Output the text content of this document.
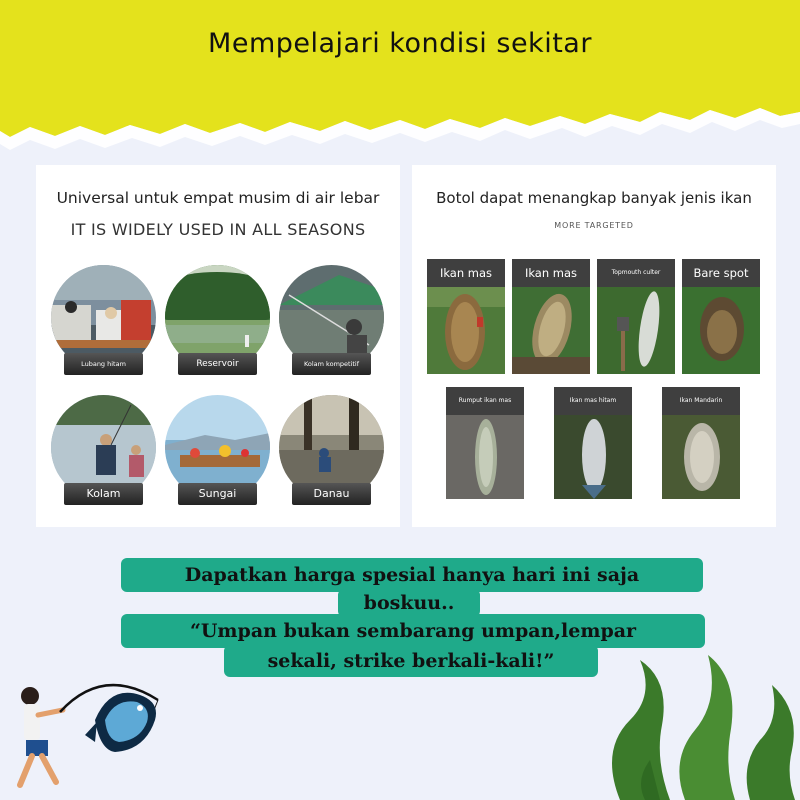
Mempelajari kondisi sekitar
Universal untuk empat musim di air lebar
IT IS WIDELY USED IN ALL SEASONS
Lubang hitam	Reservoir	Kolam kompetitif
Kolam	Sungai	Danau
Botol dapat menangkap banyak jenis ikan
MORE TARGETED
Ikan mas	Ikan mas	Topmouth culter	Bare spot
Rumput ikan mas	Ikan mas hitam	Ikan Mandarin
Dapatkan harga spesial hanya hari ini saja
boskuu..
“Umpan bukan sembarang umpan,lempar
sekali, strike berkali-kali!”
